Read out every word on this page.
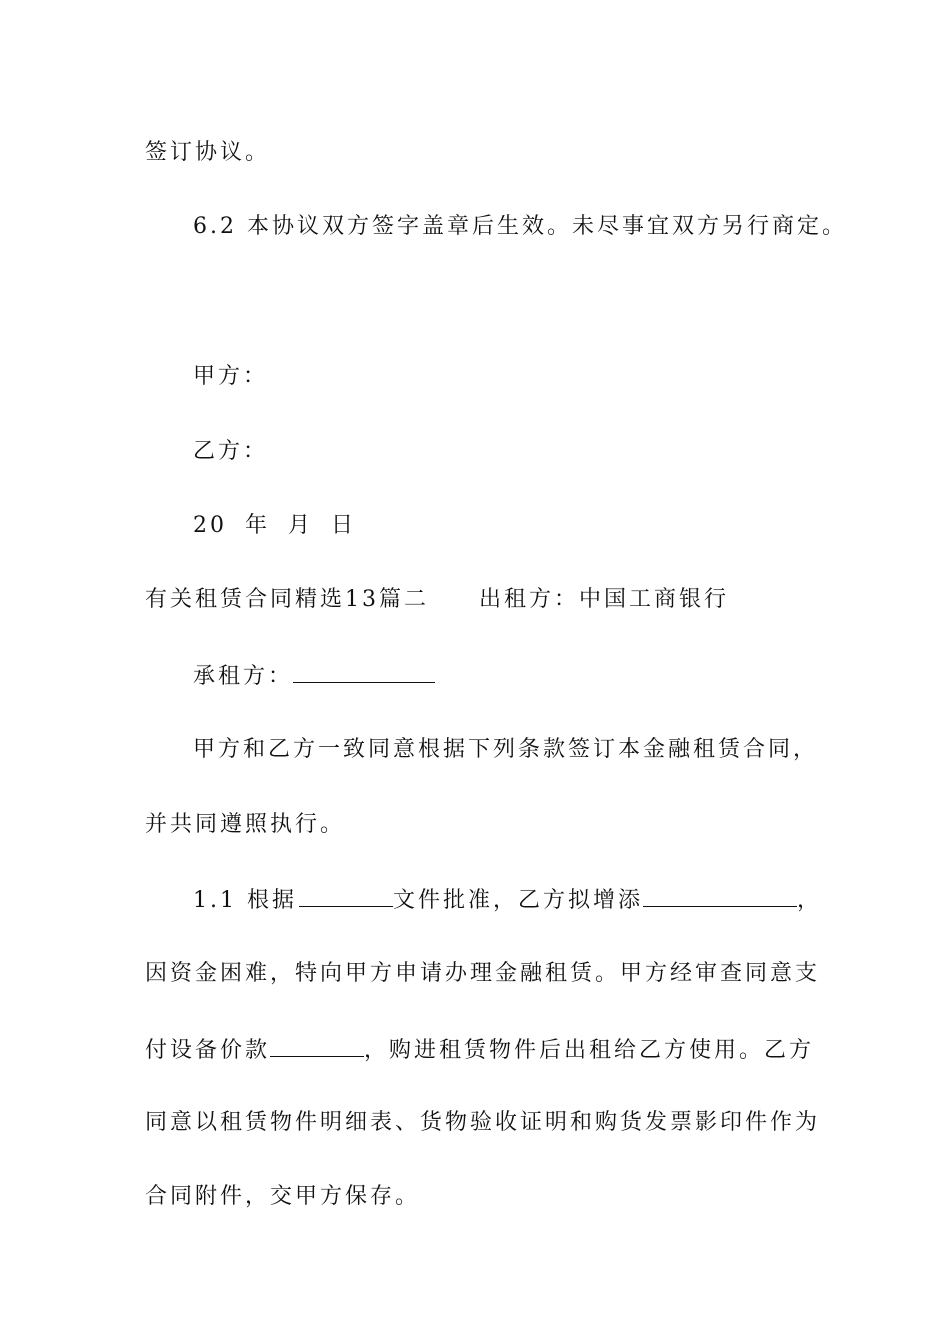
签订协议。
6.2 本协议双方签字盖章后生效。未尽事宜双方另行商定。
甲方：
乙方：
20 年 月 日
有关租赁合同精选13篇二 出租方：中国工商银行
承租方：
甲方和乙方一致同意根据下列条款签订本金融租赁合同，
并共同遵照执行。
1.1 根据	文件批准，乙方拟增添	，
因资金困难，特向甲方申请办理金融租赁。甲方经审查同意支
付设备价款	，购进租赁物件后出租给乙方使用。乙方
同意以租赁物件明细表、货物验收证明和购货发票影印件作为
合同附件，交甲方保存。
